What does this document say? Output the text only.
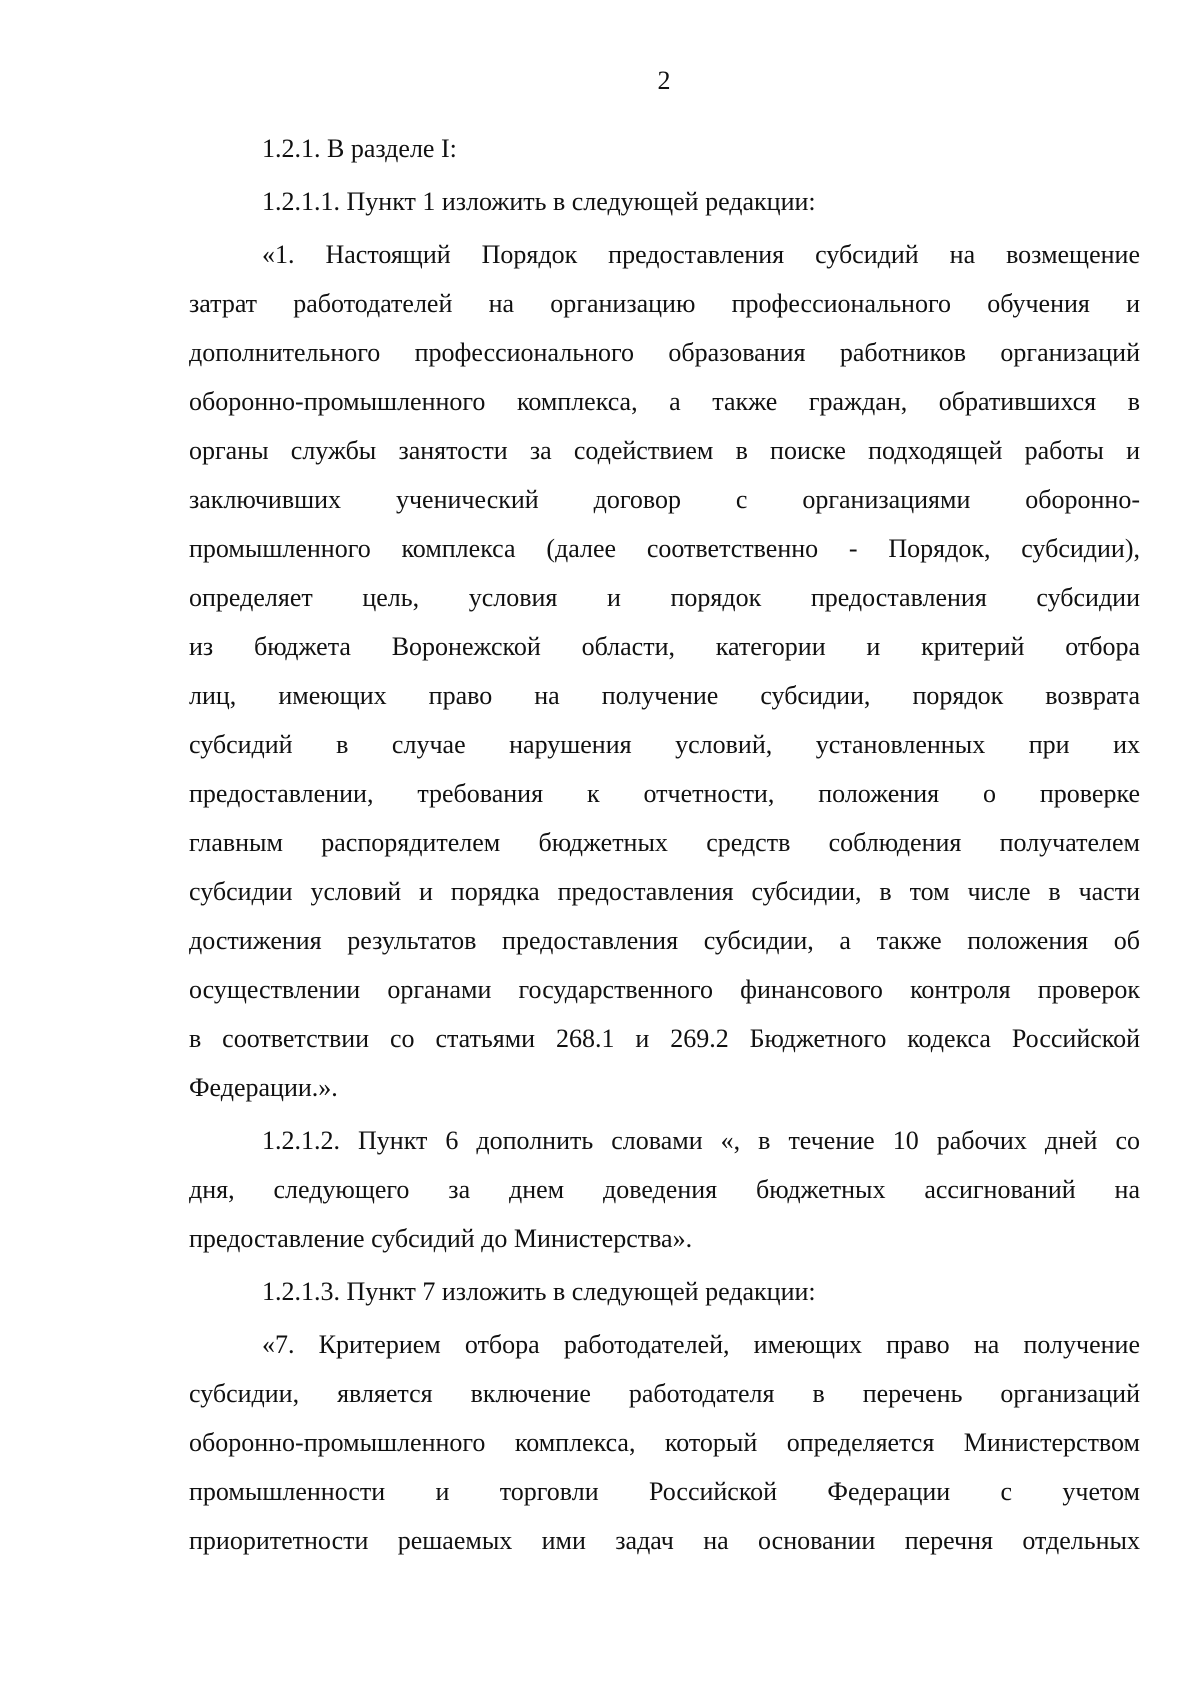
2
1.2.1. В разделе I:
1.2.1.1. Пункт 1 изложить в следующей редакции:
«1. Настоящий Порядок предоставления субсидий на возмещение
затрат работодателей на организацию профессионального обучения и
дополнительного профессионального образования работников организаций
оборонно-промышленного комплекса, а также граждан, обратившихся в
органы службы занятости за содействием в поиске подходящей работы и
заключивших ученический договор с организациями оборонно-
промышленного комплекса (далее соответственно - Порядок, субсидии),
определяет цель, условия и порядок предоставления субсидии
из бюджета Воронежской области, категории и критерий отбора
лиц, имеющих право на получение субсидии, порядок возврата
субсидий в случае нарушения условий, установленных при их
предоставлении, требования к отчетности, положения о проверке
главным распорядителем бюджетных средств соблюдения получателем
субсидии условий и порядка предоставления субсидии, в том числе в части
достижения результатов предоставления субсидии, а также положения об
осуществлении органами государственного финансового контроля проверок
в соответствии со статьями 268.1 и 269.2 Бюджетного кодекса Российской
Федерации.».
1.2.1.2. Пункт 6 дополнить словами «, в течение 10 рабочих дней со
дня, следующего за днем доведения бюджетных ассигнований на
предоставление субсидий до Министерства».
1.2.1.3. Пункт 7 изложить в следующей редакции:
«7. Критерием отбора работодателей, имеющих право на получение
субсидии, является включение работодателя в перечень организаций
оборонно-промышленного комплекса, который определяется Министерством
промышленности и торговли Российской Федерации с учетом
приоритетности решаемых ими задач на основании перечня отдельных
